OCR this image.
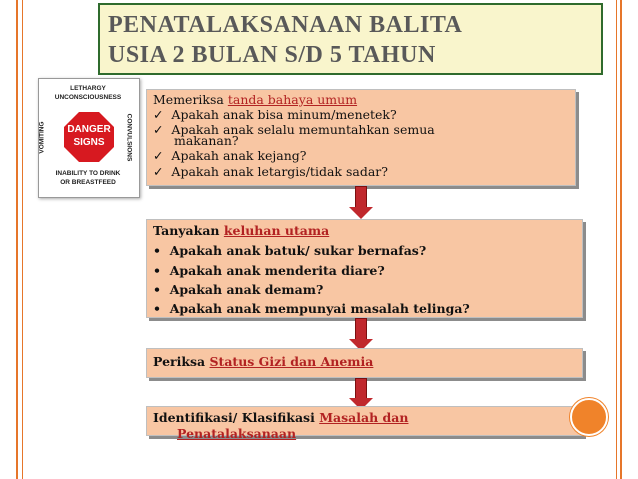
PENATALAKSANAAN BALITA
USIA 2 BULAN S/D 5 TAHUN
LETHARGY
UNCONSCIOUSNESS
VOMITING	CONVULSIONS
DANGER
SIGNS
INABILITY TO DRINK
OR BREASTFEED
Memeriksa tanda bahaya umum
✓  Apakah anak bisa minum/menetek?
✓  Apakah anak selalu memuntahkan semua
makanan?
✓  Apakah anak kejang?
✓  Apakah anak letargis/tidak sadar?
Tanyakan keluhan utama
•  Apakah anak batuk/ sukar bernafas?
•  Apakah anak menderita diare?
•  Apakah anak demam?
•  Apakah anak mempunyai masalah telinga?
Periksa Status Gizi dan Anemia
Identifikasi/ Klasifikasi Masalah dan
Penatalaksanaan
